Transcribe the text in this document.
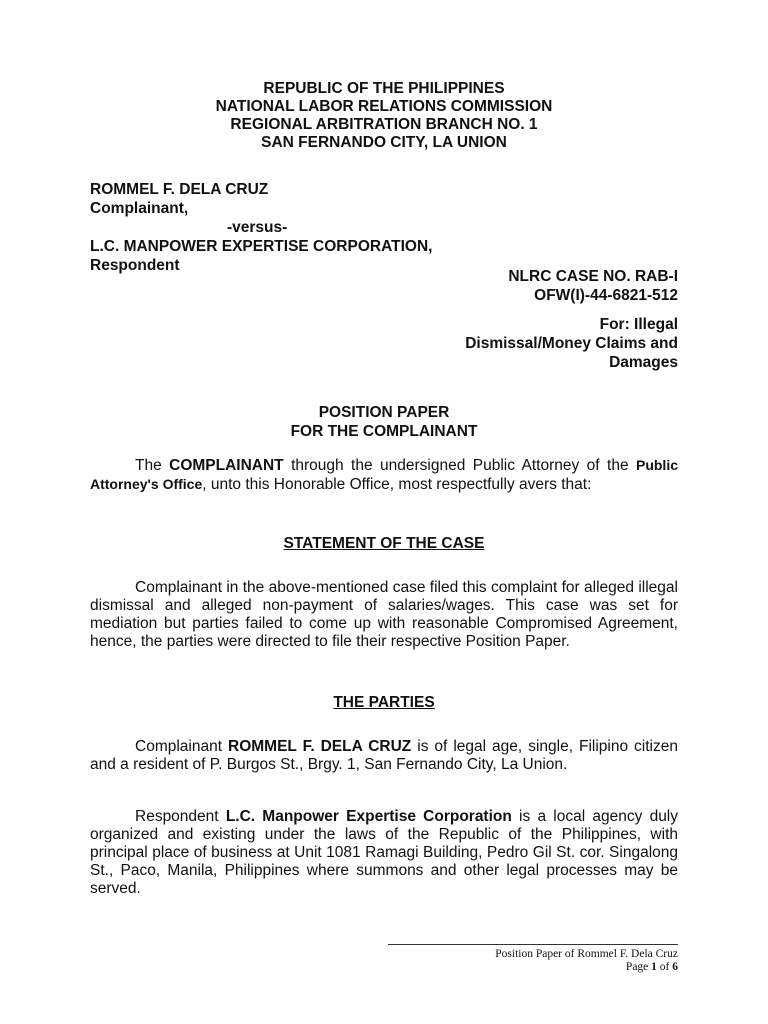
REPUBLIC OF THE PHILIPPINES
NATIONAL LABOR RELATIONS COMMISSION
REGIONAL ARBITRATION BRANCH NO. 1
SAN FERNANDO CITY, LA UNION
ROMMEL F. DELA CRUZ
Complainant,
-versus-
L.C. MANPOWER EXPERTISE CORPORATION,
Respondent
NLRC CASE NO. RAB-I
OFW(I)-44-6821-512
For: Illegal
Dismissal/Money Claims and
Damages
POSITION PAPER
FOR THE COMPLAINANT
The COMPLAINANT through the undersigned Public Attorney of the Public Attorney's Office, unto this Honorable Office, most respectfully avers that:
STATEMENT OF THE CASE
Complainant in the above-mentioned case filed this complaint for alleged illegal dismissal and alleged non-payment of salaries/wages. This case was set for mediation but parties failed to come up with reasonable Compromised Agreement, hence, the parties were directed to file their respective Position Paper.
THE PARTIES
Complainant ROMMEL F. DELA CRUZ is of legal age, single, Filipino citizen and a resident of P. Burgos St., Brgy. 1, San Fernando City, La Union.
Respondent L.C. Manpower Expertise Corporation is a local agency duly organized and existing under the laws of the Republic of the Philippines, with principal place of business at Unit 1081 Ramagi Building, Pedro Gil St. cor. Singalong St., Paco, Manila, Philippines where summons and other legal processes may be served.
Position Paper of Rommel F. Dela Cruz
Page 1 of 6
